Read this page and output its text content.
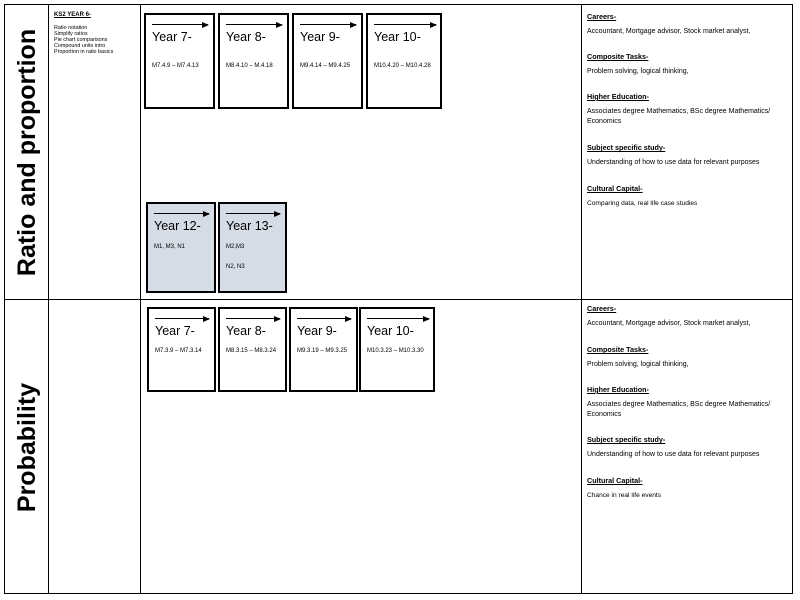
Ratio and proportion
KS2 YEAR 6-
Ratio notation
Simplify ratios
Pie chart comparisons
Compound units intro
Proportion in ratio basics
Year 7-
M7.4.9 – M7.4.13
Year 8-
M8.4.10 – M.4.18
Year 9-
M9.4.14 – M9.4.25
Year 10-
M10.4.20 – M10.4.28
Year 12-
M1, M3, N1
Year 13-
M2,M3
N2, N3
Careers-
Accountant, Mortgage advisor, Stock market analyst,
Composite Tasks-
Problem solving, logical thinking,
Higher Education-
Associates degree Mathematics, BSc degree Mathematics/ Economics
Subject specific study-
Understanding of how to use data for relevant purposes
Cultural Capital-
Comparing data, real life case studies
Probability
Year 7-
M7.3.9 – M7.3.14
Year 8-
M8.3.15 – M8.3.24
Year 9-
M9.3.19 – M9.3.25
Year 10-
M10.3.23 – M10.3.30
Careers-
Accountant, Mortgage advisor, Stock market analyst,
Composite Tasks-
Problem solving, logical thinking,
Higher Education-
Associates degree Mathematics, BSc degree Mathematics/ Economics
Subject specific study-
Understanding of how to use data for relevant purposes
Cultural Capital-
Chance in real life events
